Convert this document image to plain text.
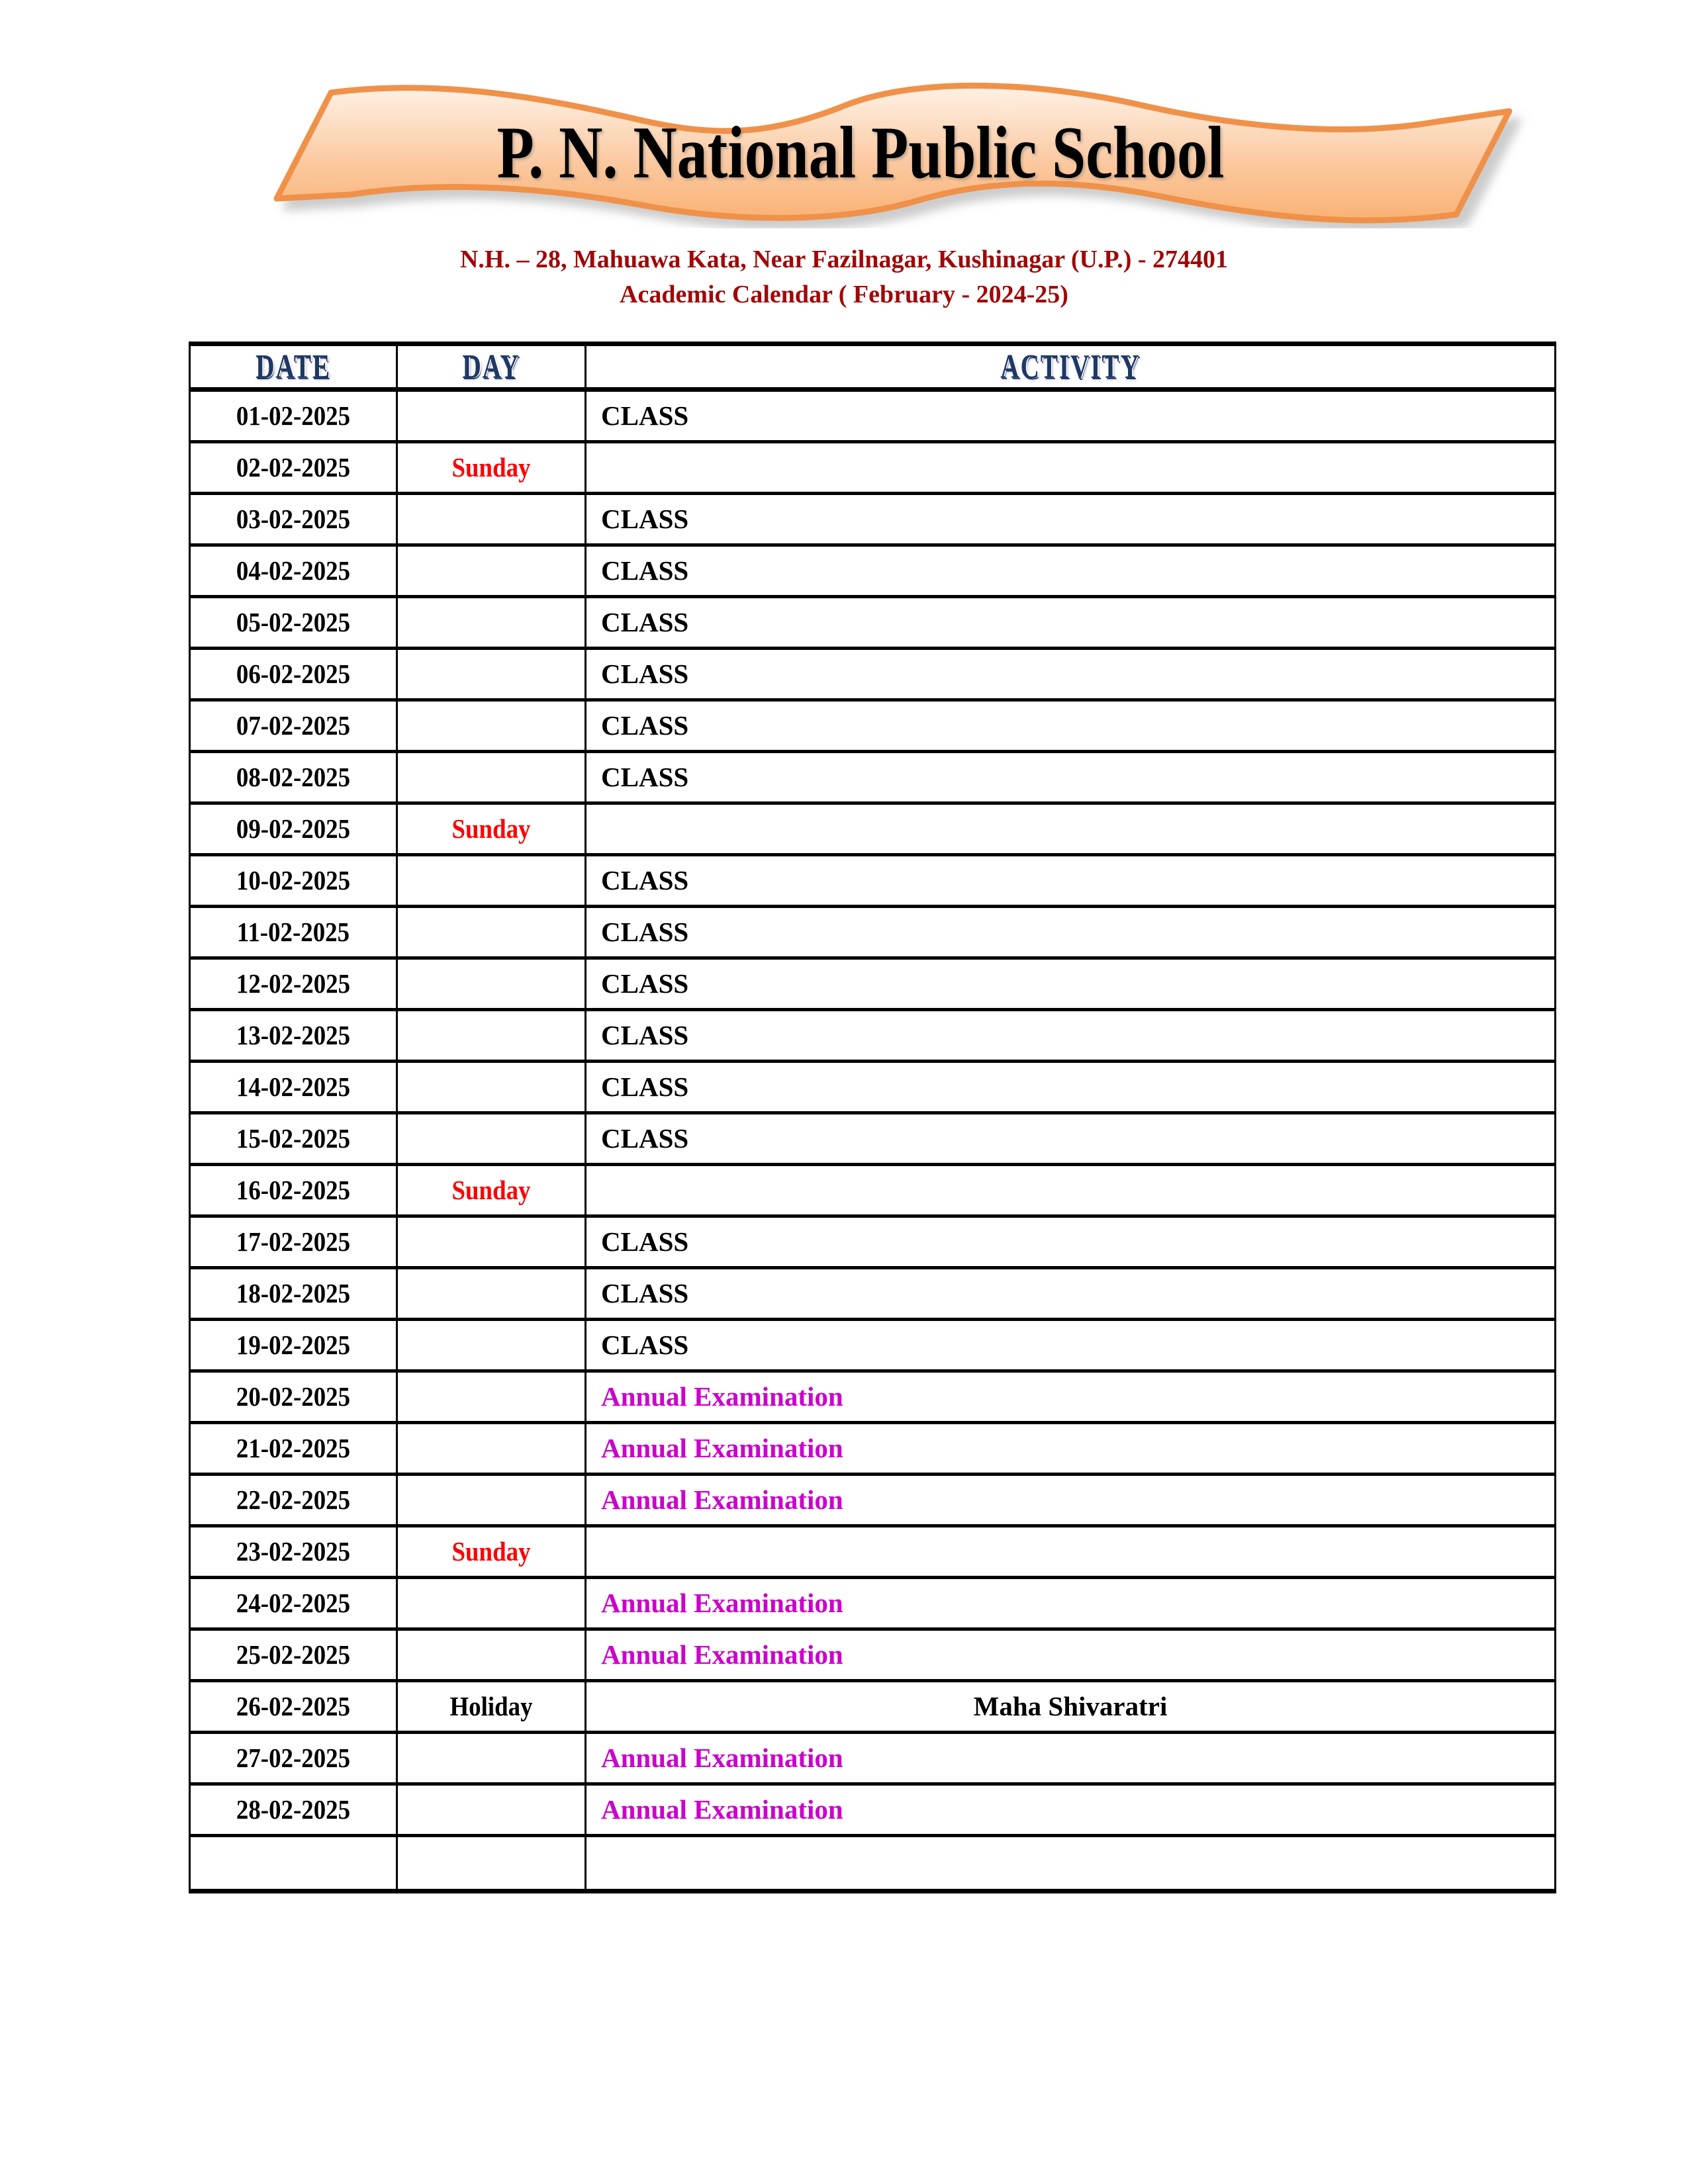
P. N. National Public School
N.H. – 28, Mahuawa Kata, Near Fazilnagar, Kushinagar (U.P.) - 274401
Academic Calendar ( February - 2024-25)
DATE	DAY	ACTIVITY

01-02-2025		CLASS

02-02-2025	Sunday	

03-02-2025		CLASS

04-02-2025		CLASS

05-02-2025		CLASS

06-02-2025		CLASS

07-02-2025		CLASS

08-02-2025		CLASS

09-02-2025	Sunday	

10-02-2025		CLASS

11-02-2025		CLASS

12-02-2025		CLASS

13-02-2025		CLASS

14-02-2025		CLASS

15-02-2025		CLASS

16-02-2025	Sunday	

17-02-2025		CLASS

18-02-2025		CLASS

19-02-2025		CLASS

20-02-2025		Annual Examination

21-02-2025		Annual Examination

22-02-2025		Annual Examination

23-02-2025	Sunday	

24-02-2025		Annual Examination

25-02-2025		Annual Examination

26-02-2025	Holiday	Maha Shivaratri

27-02-2025		Annual Examination

28-02-2025		Annual Examination
